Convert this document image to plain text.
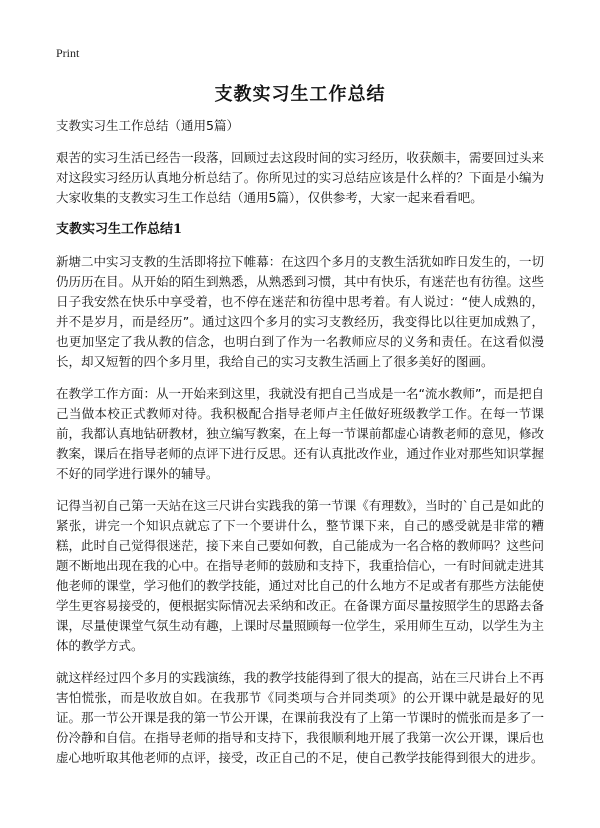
Print
支教实习生工作总结

支教实习生工作总结（通用5篇）

艰苦的实习生活已经告一段落，回顾过去这段时间的实习经历，收获颇丰，需要回过头来对这段实习经历认真地分析总结了。你所见过的实习总结应该是什么样的？下面是小编为大家收集的支教实习生工作总结（通用5篇），仅供参考，大家一起来看看吧。

支教实习生工作总结1

新塘二中实习支教的生活即将拉下帷幕：在这四个多月的支教生活犹如昨日发生的，一切仍历历在目。从开始的陌生到熟悉，从熟悉到习惯，其中有快乐，有迷茫也有彷徨。这些日子我安然在快乐中享受着，也不停在迷茫和彷徨中思考着。有人说过：“使人成熟的，并不是岁月，而是经历”。通过这四个多月的实习支教经历，我变得比以往更加成熟了，也更加坚定了我从教的信念，也明白到了作为一名教师应尽的义务和责任。在这看似漫长，却又短暂的四个多月里，我给自己的实习支教生活画上了很多美好的图画。

在教学工作方面：从一开始来到这里，我就没有把自己当成是一名“流水教师”，而是把自己当做本校正式教师对待。我积极配合指导老师卢主任做好班级教学工作。在每一节课前，我都认真地钻研教材，独立编写教案，在上每一节课前都虚心请教老师的意见，修改教案，课后在指导老师的点评下进行反思。还有认真批改作业，通过作业对那些知识掌握不好的同学进行课外的辅导。

记得当初自己第一天站在这三尺讲台实践我的第一节课《有理数》，当时的`自己是如此的紧张，讲完一个知识点就忘了下一个要讲什么，整节课下来，自己的感受就是非常的糟糕，此时自己觉得很迷茫，接下来自己要如何教，自己能成为一名合格的教师吗？这些问题不断地出现在我的心中。在指导老师的鼓励和支持下，我重拾信心，一有时间就走进其他老师的课堂，学习他们的教学技能，通过对比自己的什么地方不足或者有那些方法能使学生更容易接受的，便根据实际情况去采纳和改正。在备课方面尽量按照学生的思路去备课，尽量使课堂气氛生动有趣，上课时尽量照顾每一位学生，采用师生互动，以学生为主体的教学方式。

就这样经过四个多月的实践演练，我的教学技能得到了很大的提高，站在三尺讲台上不再害怕慌张，而是收放自如。在我那节《同类项与合并同类项》的公开课中就是最好的见证。那一节公开课是我的第一节公开课，在课前我没有了上第一节课时的慌张而是多了一份冷静和自信。在指导老师的指导和支持下，我很顺利地开展了我第一次公开课，课后也虚心地听取其他老师的点评，接受，改正自己的不足，使自己教学技能得到很大的进步。
